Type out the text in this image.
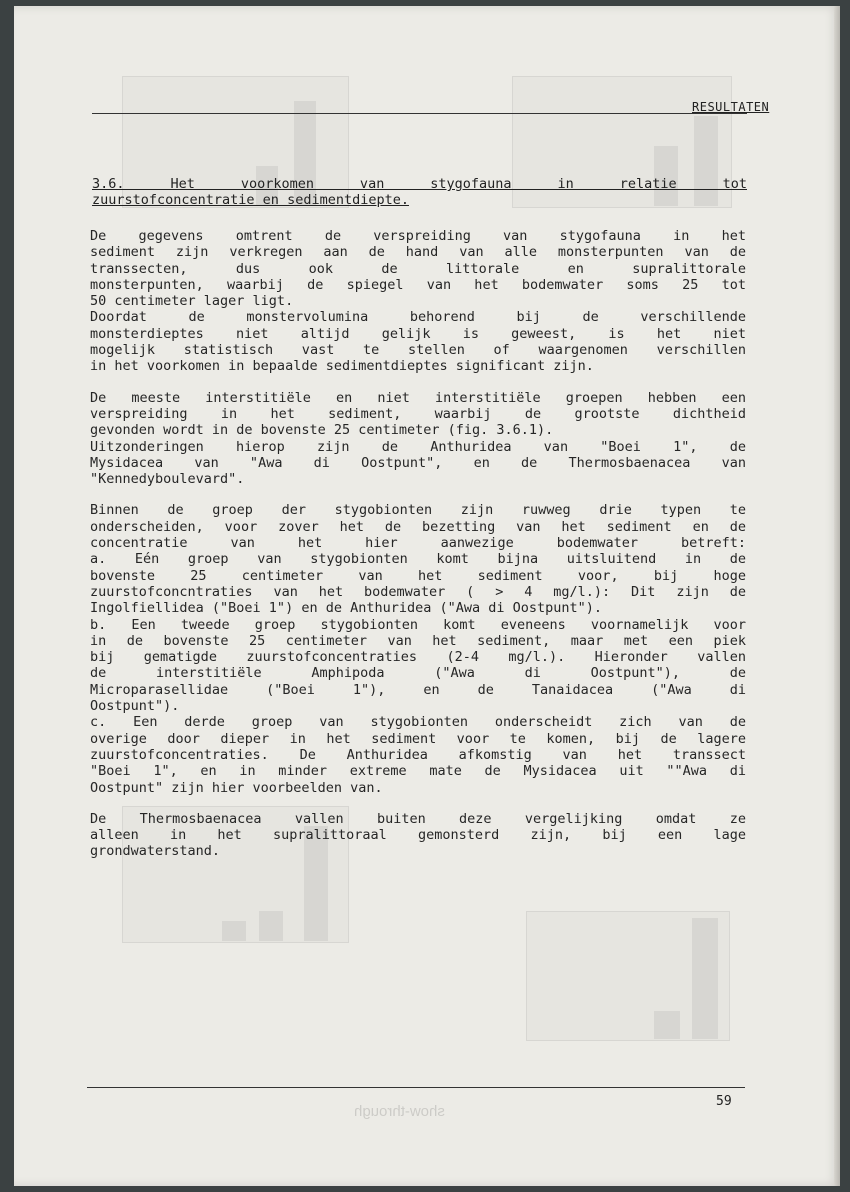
show-through
RESULTATEN
3.6. Het voorkomen van stygofauna in relatie tot
zuurstofconcentratie en sedimentdiepte.
De gegevens omtrent de verspreiding van stygofauna in het
sediment zijn verkregen aan de hand van alle monsterpunten van de
transsecten, dus ook de littorale en supralittorale
monsterpunten, waarbij de spiegel van het bodemwater soms 25 tot
50 centimeter lager ligt.
Doordat de monstervolumina behorend bij de verschillende
monsterdieptes niet altijd gelijk is geweest, is het niet
mogelijk statistisch vast te stellen of waargenomen verschillen
in het voorkomen in bepaalde sedimentdieptes significant zijn.
De meeste interstitiële en niet interstitiële groepen hebben een
verspreiding in het sediment, waarbij de grootste dichtheid
gevonden wordt in de bovenste 25 centimeter (fig. 3.6.1).
Uitzonderingen hierop zijn de Anthuridea van "Boei 1", de
Mysidacea van "Awa di Oostpunt", en de Thermosbaenacea van
"Kennedyboulevard".
Binnen de groep der stygobionten zijn ruwweg drie typen te
onderscheiden, voor zover het de bezetting van het sediment en de
concentratie van het hier aanwezige bodemwater betreft:
a. Eén groep van stygobionten komt bijna uitsluitend in de
bovenste 25 centimeter van het sediment voor, bij hoge
zuurstofconcntraties van het bodemwater ( > 4 mg/l.): Dit zijn de
Ingolfiellidea ("Boei 1") en de Anthuridea ("Awa di Oostpunt").
b. Een tweede groep stygobionten komt eveneens voornamelijk voor
in de bovenste 25 centimeter van het sediment, maar met een piek
bij gematigde zuurstofconcentraties (2-4 mg/l.). Hieronder vallen
de interstitiële Amphipoda ("Awa di Oostpunt"), de
Microparasellidae ("Boei 1"), en de Tanaidacea ("Awa di
Oostpunt").
c. Een derde groep van stygobionten onderscheidt zich van de
overige door dieper in het sediment voor te komen, bij de lagere
zuurstofconcentraties. De Anthuridea afkomstig van het transsect
"Boei 1", en in minder extreme mate de Mysidacea uit ""Awa di
Oostpunt" zijn hier voorbeelden van.
De Thermosbaenacea vallen buiten deze vergelijking omdat ze
alleen in het supralittoraal gemonsterd zijn, bij een lage
grondwaterstand.
59
